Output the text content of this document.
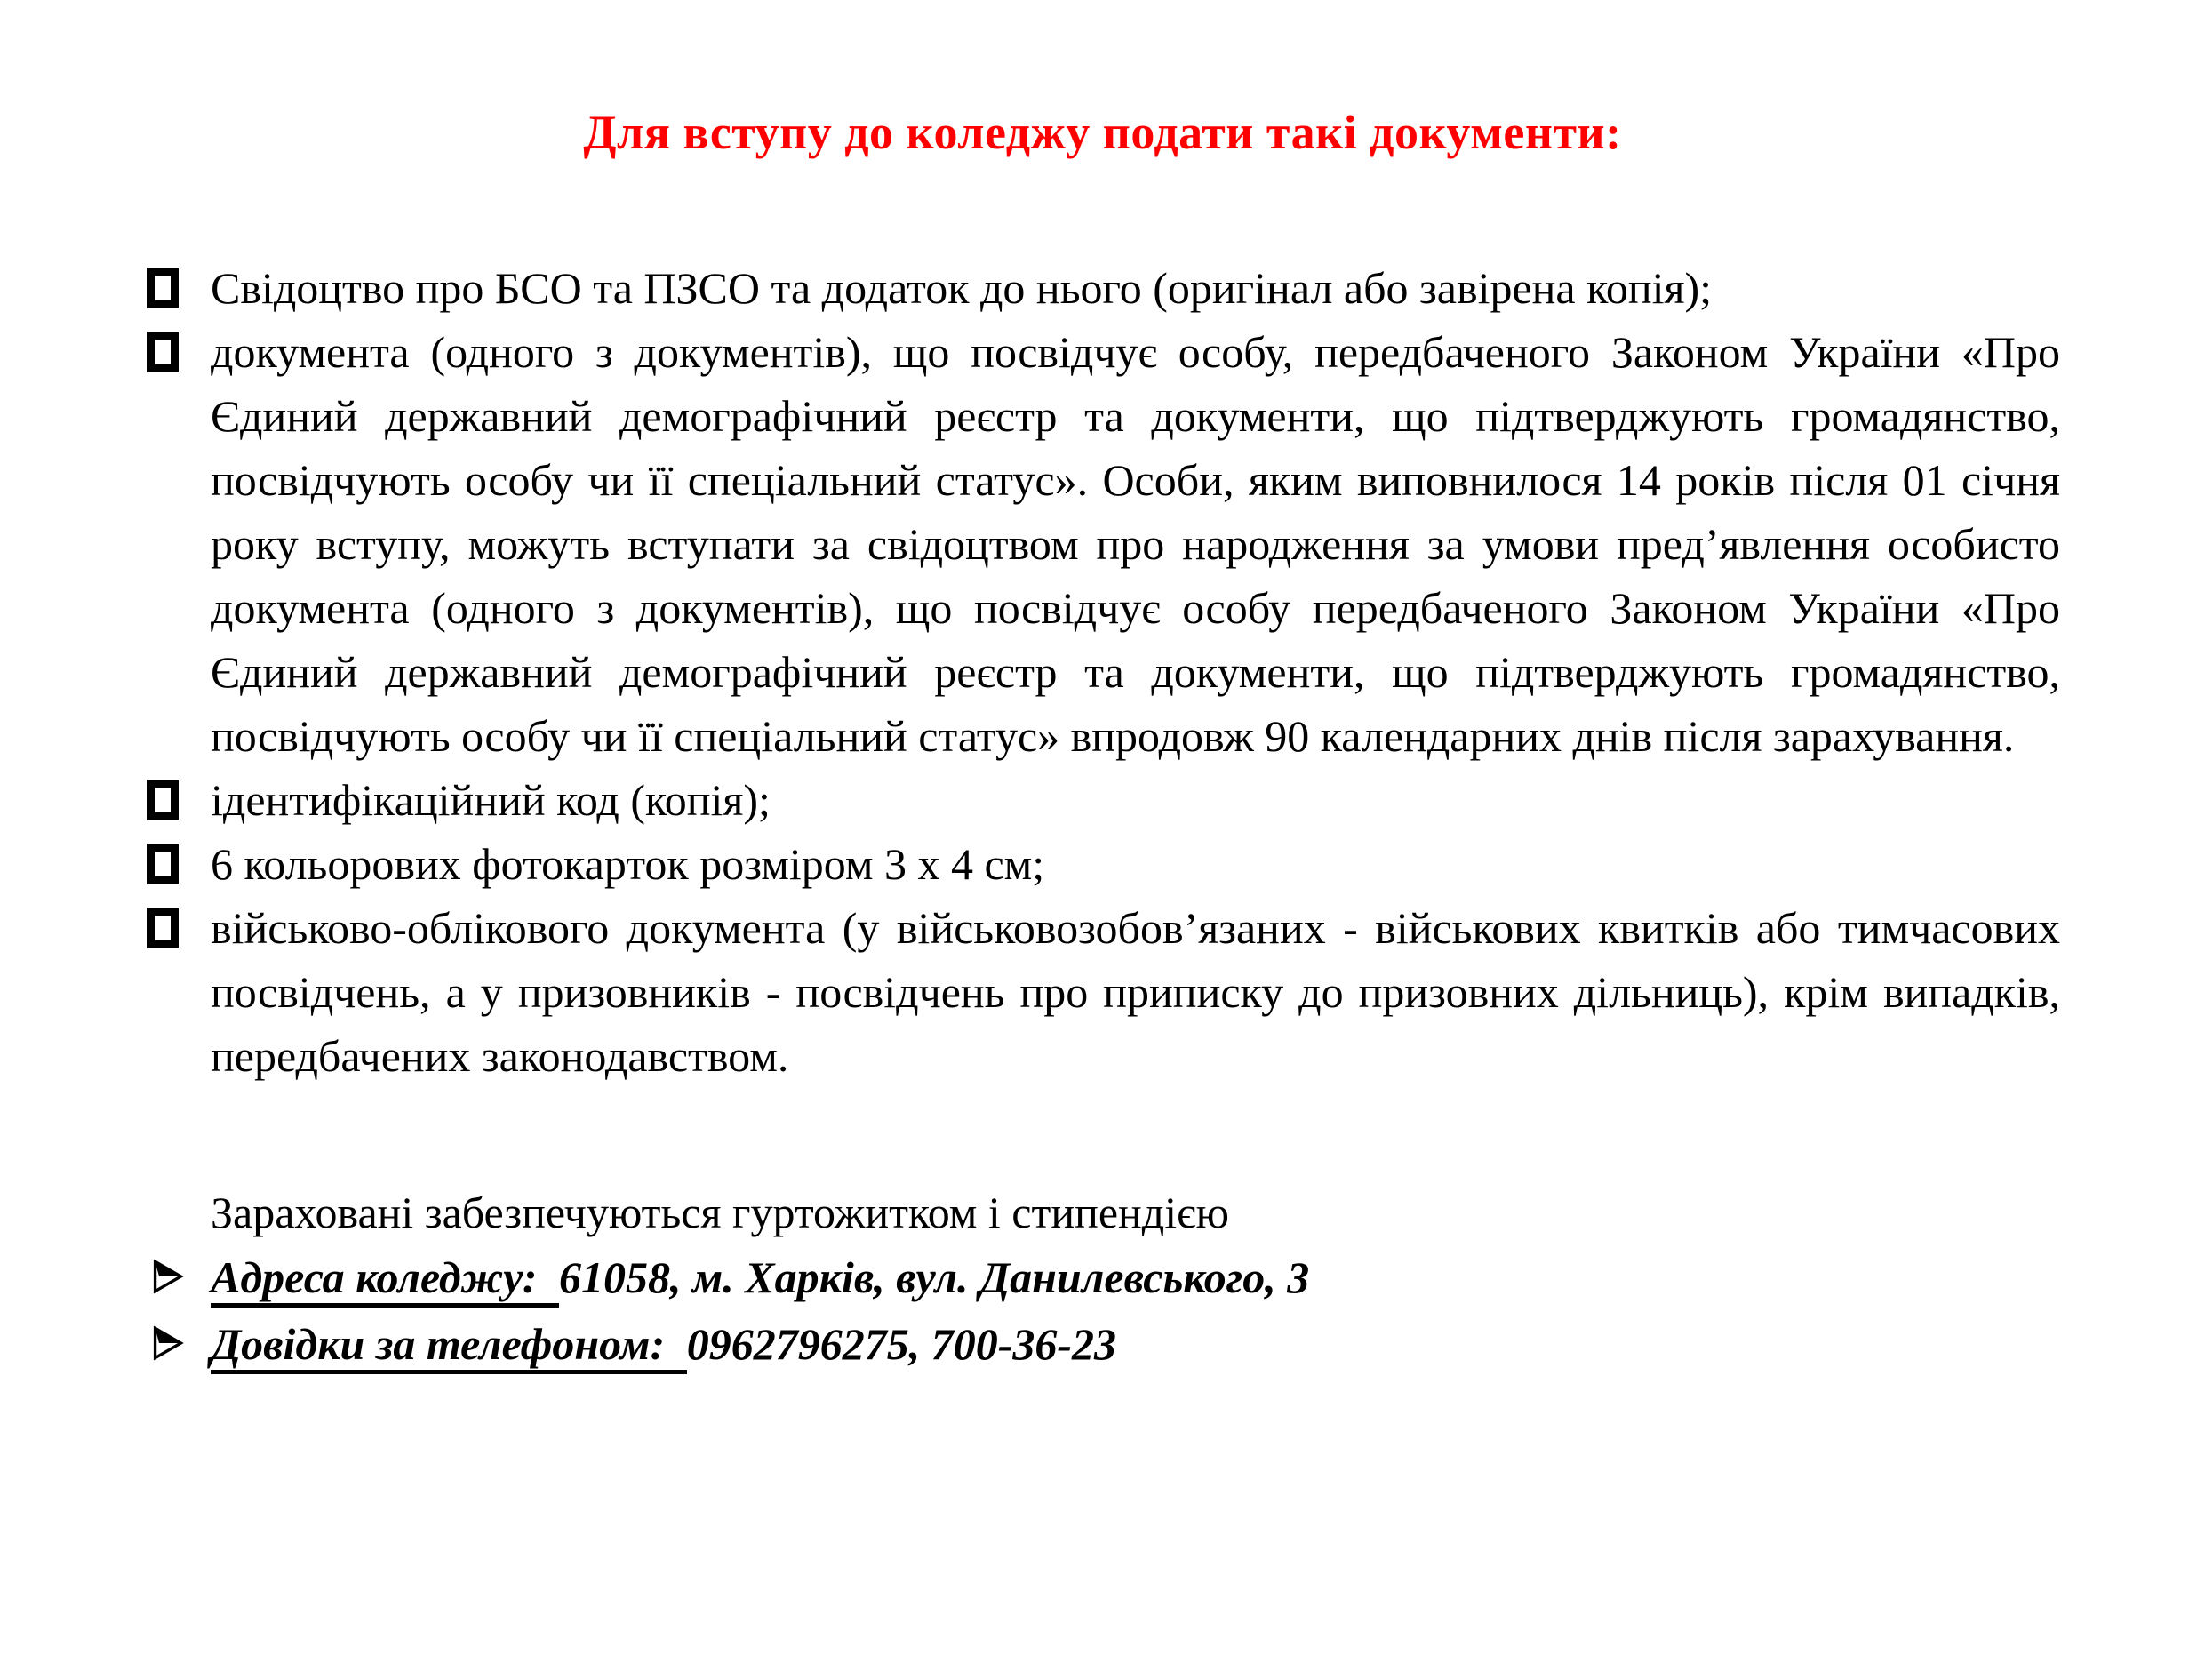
Для вступу до коледжу подати такі документи:
Свідоцтво про БСО та ПЗСО та додаток до нього (оригінал або завірена копія);
документа (одного з документів), що посвідчує особу, передбаченого Законом України «Про Єдиний державний демографічний реєстр та документи, що підтверджують громадянство, посвідчують особу чи її спеціальний статус». Особи, яким виповнилося 14 років після 01 січня року вступу, можуть вступати за свідоцтвом про народження за умови пред’явлення особисто документа (одного з документів), що посвідчує особу передбаченого Законом України «Про Єдиний державний демографічний реєстр та документи, що підтверджують громадянство, посвідчують особу чи її спеціальний статус» впродовж 90 календарних днів після зарахування.
ідентифікаційний код (копія);
6 кольорових фотокарток розміром 3 х 4 см;
військово-облікового документа (у військовозобов’язаних - військових квитків або тимчасових посвідчень, а у призовників - посвідчень про приписку до призовних дільниць), крім випадків, передбачених законодавством.
Зараховані забезпечуються гуртожитком і стипендією
Адреса коледжу: 61058, м. Харків, вул. Данилевського, 3
Довідки за телефоном: 0962796275, 700-36-23
